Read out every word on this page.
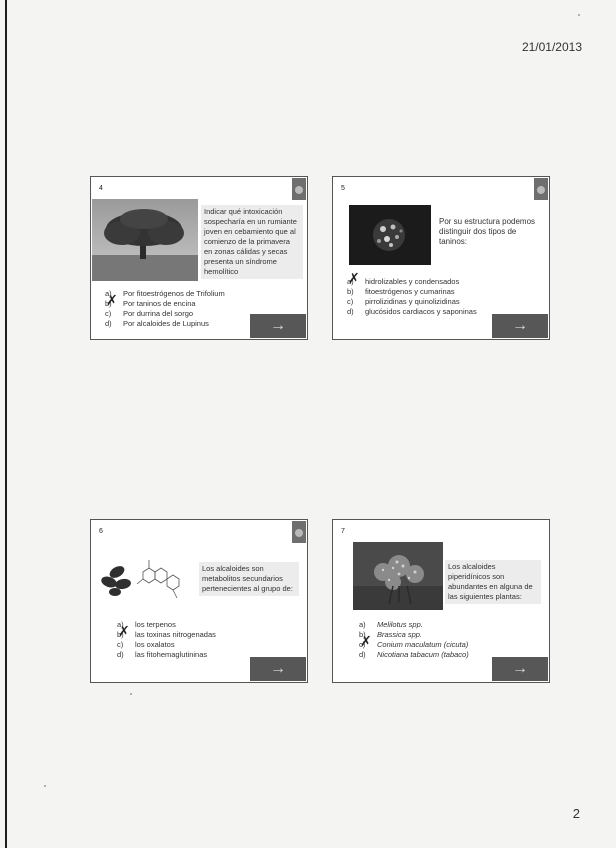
21/01/2013
4
Indicar qué intoxicación sospecharía en un rumiante joven en cebamiento que al comienzo de la primavera en zonas cálidas y secas presenta un síndrome hemolítico
a) Por fitoestrógenos de Trifolium
b) ✗ Por taninos de encina
c) Por durrina del sorgo
d) Por alcaloides de Lupinus	→
5
Por su estructura podemos distinguir dos tipos de taninos:
a) ✗ hidrolizables y condensados
b) fitoestrógenos y cumarinas
c) pirrolizidinas y quinolizidinas
d) glucósidos cardiacos y saponinas
→
6
Los alcaloides son metabolitos secundarios pertenecientes al grupo de:
a) los terpenos
b) ✗ las toxinas nitrogenadas
c) los oxalatos
d) las fitohemaglutininas
→
7
Los alcaloides piperidínicos son abundantes en alguna de las siguientes plantas:
a) Melilotus spp.
b) Brassica spp.
c) ✗ Conium maculatum (cicuta)
d) Nicotiana tabacum (tabaco)
→
2
